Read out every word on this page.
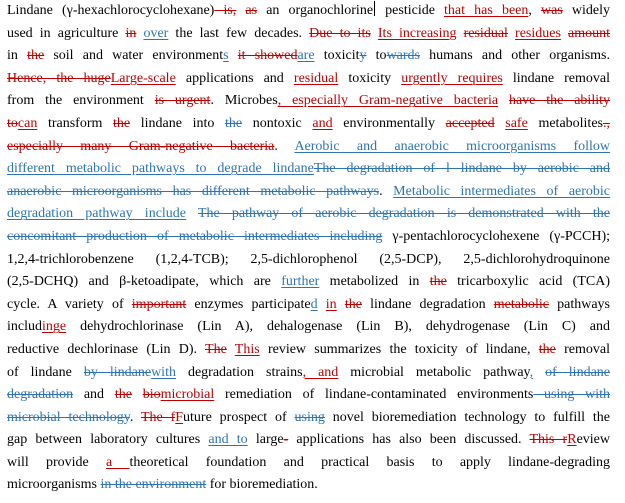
Lindane (γ-hexachlorocyclohexane) is, as an organochlorine pesticide that has been, was widely
used in agriculture in over the last few decades. Due to its Its increasing residual residues amount
in the soil and water environments it showedare toxicity towards humans and other organisms.
Hence, the hugeLarge-scale applications and residual toxicity urgently requires lindane removal
from the environment is urgent. Microbes, especially Gram-negative bacteria have the ability
tocan transform the lindane into the nontoxic and environmentally accepted safe metabolites.,
especially many Gram-negative bacteria. Aerobic and anaerobic microorganisms follow
different metabolic pathways to degrade lindaneThe degradation of l lindane by aerobic and
anaerobic microorganisms has different metabolic pathways. Metabolic intermediates of aerobic
degradation pathway include The pathway of aerobic degradation is demonstrated with the
concomitant production of metabolic intermediates including γ-pentachlorocyclohexene (γ-PCCH);
1,2,4-trichlorobenzene (1,2,4-TCB); 2,5-dichlorophenol (2,5-DCP), 2,5-dichlorohydroquinone
(2,5-DCHQ) and β-ketoadipate, which are further metabolized in the tricarboxylic acid (TCA)
cycle. A variety of important enzymes participated in the lindane degradation metabolic pathways
includinge dehydrochlorinase (Lin A), dehalogenase (Lin B), dehydrogenase (Lin C) and
reductive dechlorinase (Lin D). The This review summarizes the toxicity of lindane, the removal
of lindane by lindanewith degradation strains, and microbial metabolic pathway, of lindane
degradation and the biomicrobial remediation of lindane-contaminated environments using with
microbial technology. The fFuture prospect of using novel bioremediation technology to fulfill the
gap between laboratory cultures and to large- applications has also been discussed. This rReview
will provide a theoretical foundation and practical basis to apply lindane-degrading
microorganisms in the environment for bioremediation.
